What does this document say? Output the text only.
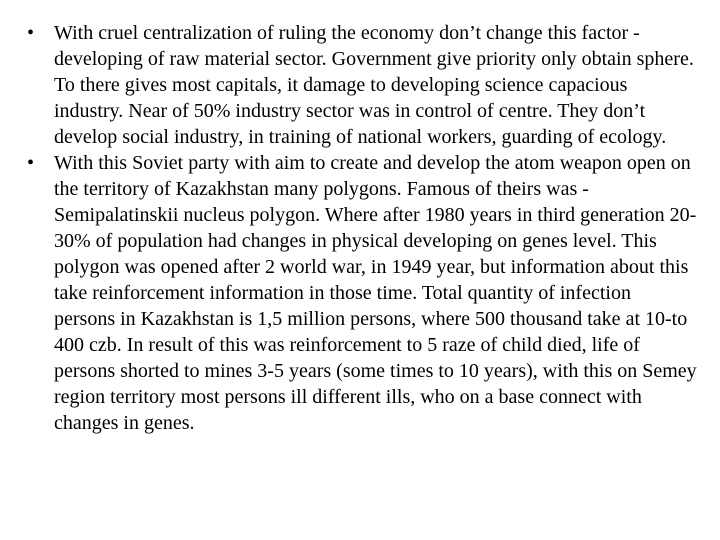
• With cruel centralization of ruling the economy don’t change this factor - developing of raw material sector. Government give priority only obtain sphere. To there gives most capitals, it damage to developing science capacious industry. Near of 50% industry sector was in control of centre. They don’t develop social industry, in training of national workers, guarding of ecology.
• With this Soviet party with aim to create and develop the atom weapon open on the territory of Kazakhstan many polygons. Famous of theirs was - Semipalatinskii nucleus polygon. Where after 1980 years in third generation 20-30% of population had changes in physical developing on genes level. This polygon was opened after 2 world war, in 1949 year, but information about this take reinforcement information in those time. Total quantity of infection persons in Kazakhstan is 1,5 million persons, where 500 thousand take at 10-to 400 czb. In result of this was reinforcement to 5 raze of child died, life of persons shorted to mines 3-5 years (some times to 10 years), with this on Semey region territory most persons ill different ills, who on a base connect with changes in genes.
